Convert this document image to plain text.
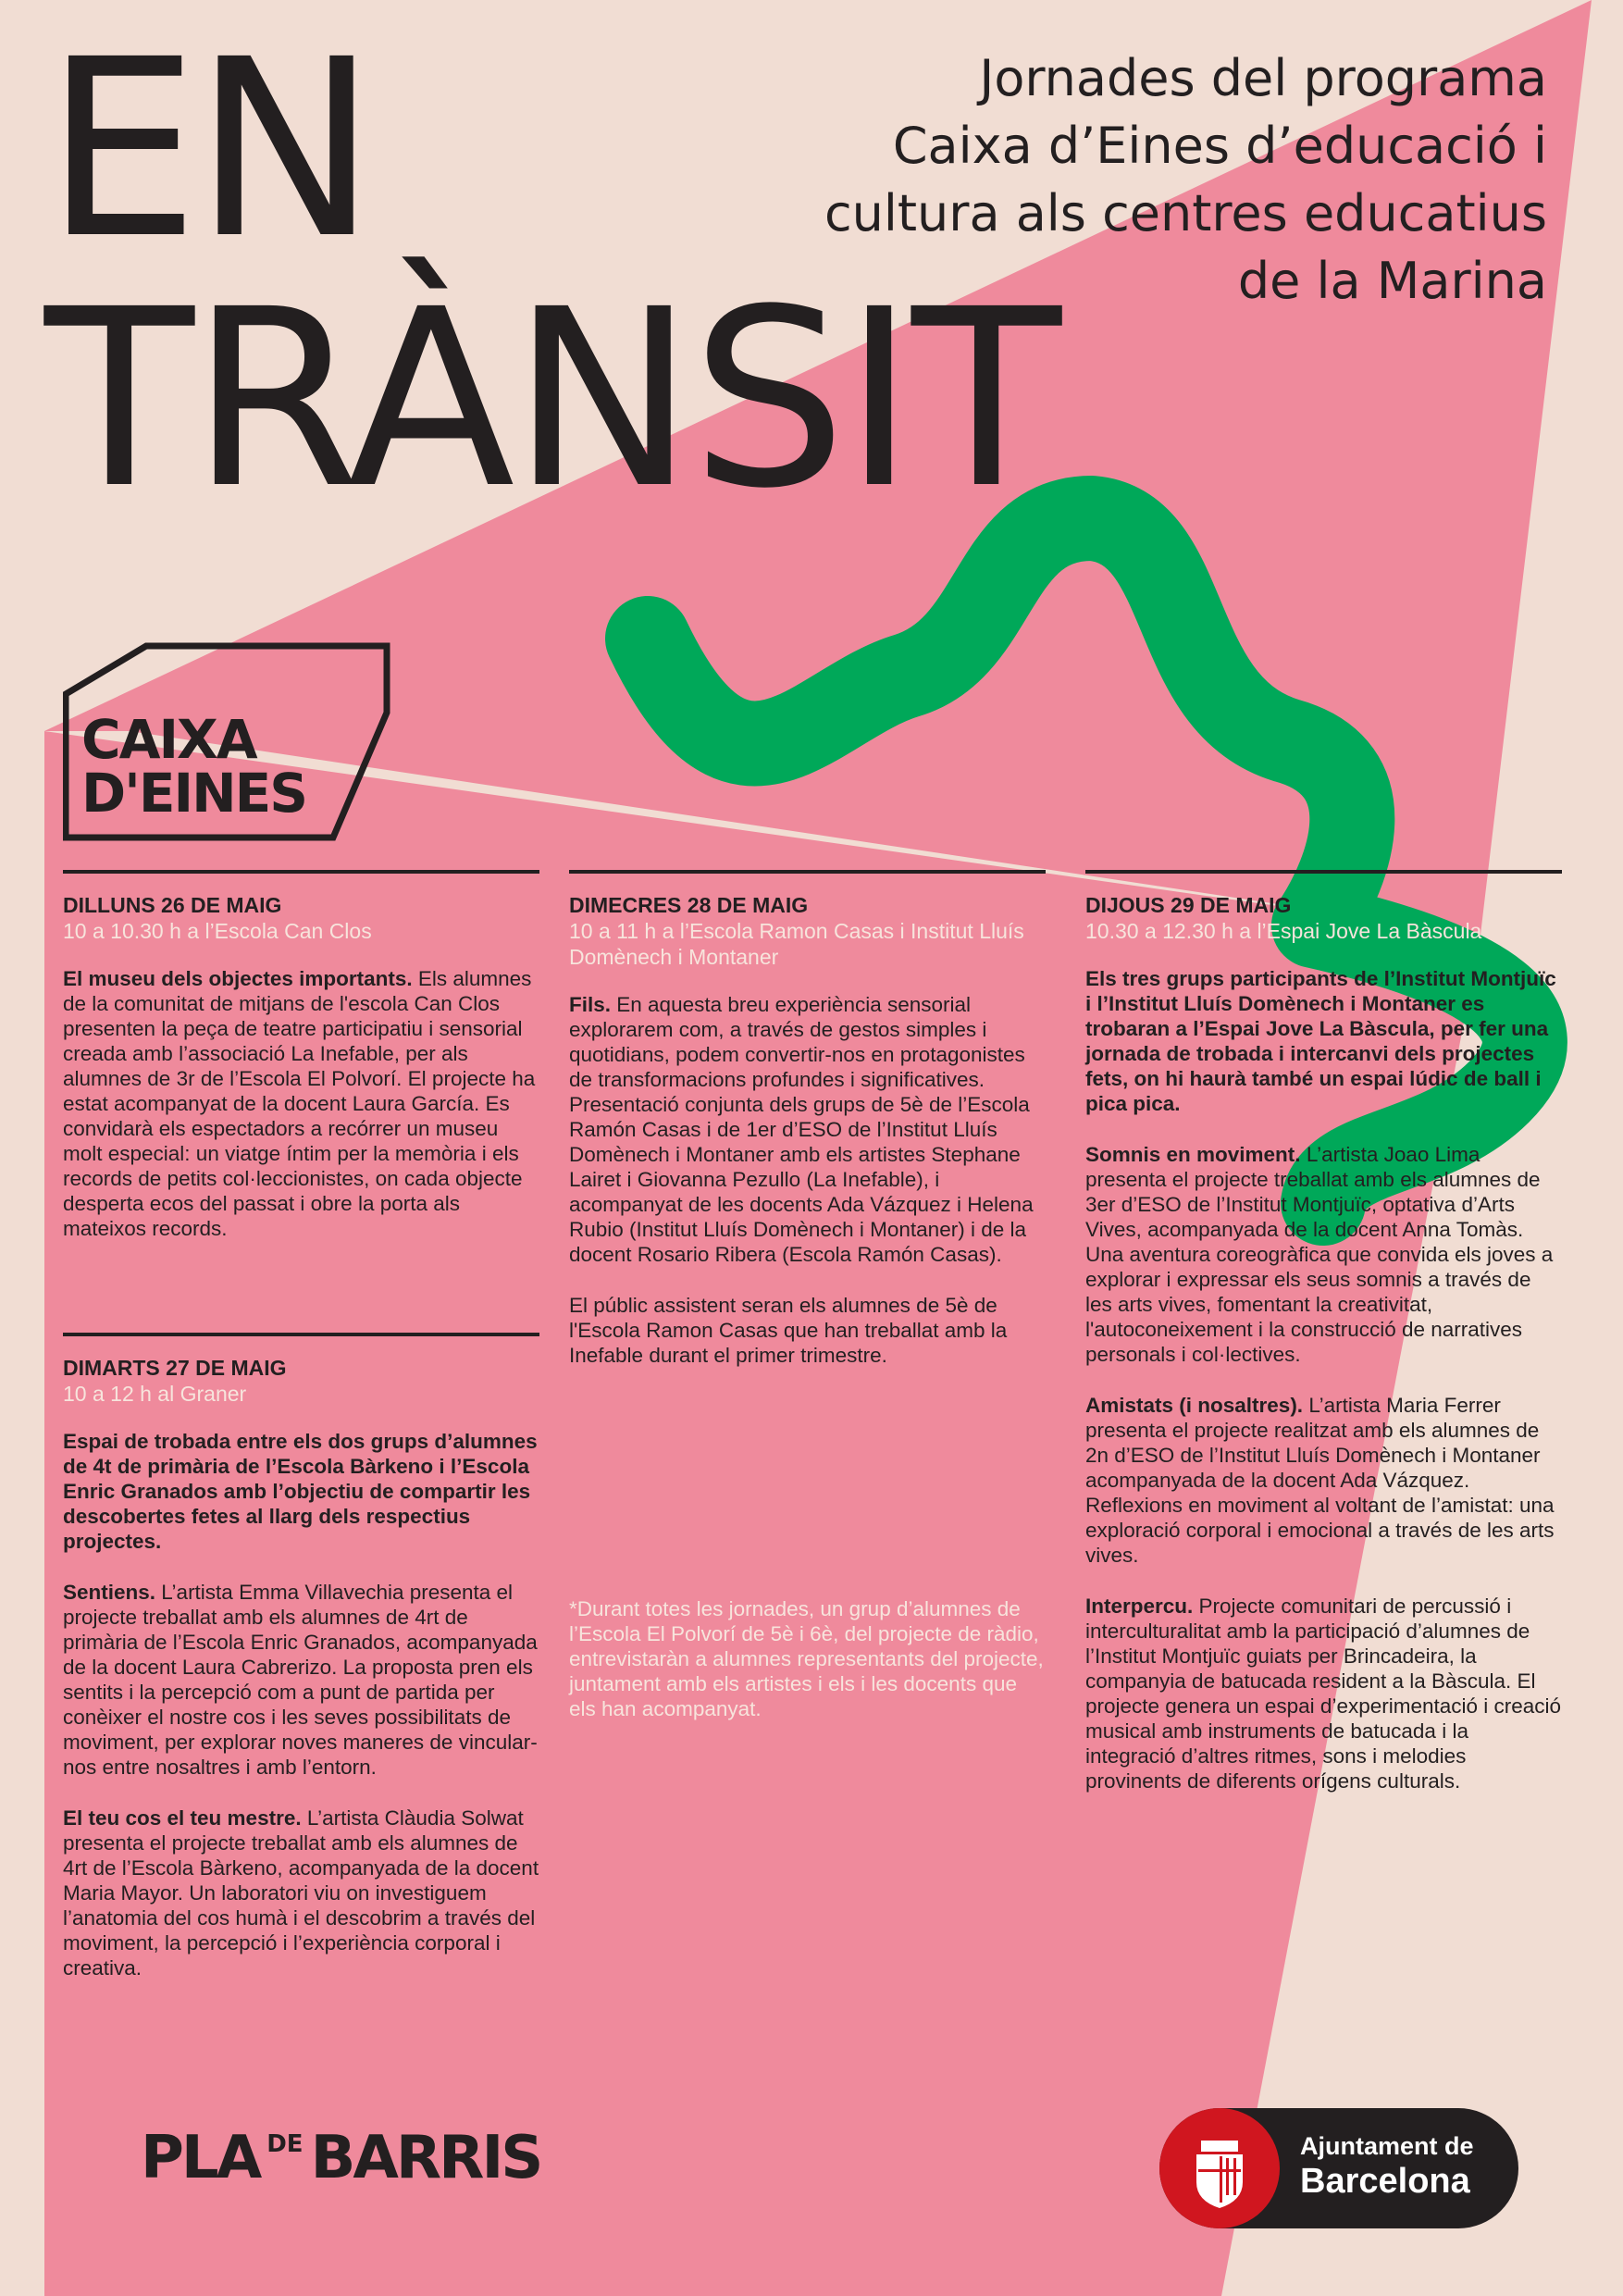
EN
TRÀNSIT
Jornades del programa
Caixa d’Eines d’educació i
cultura als centres educatius
de la Marina
CAIXA
D'EINES

DILLUNS 26 DE MAIG

10 a 10.30 h a l’Escola Can Clos

El museu dels objectes importants. Els alumnes de la comunitat de mitjans de l'escola Can Clos presenten la peça de teatre participatiu i sensorial creada amb l’associació La Inefable, per als alumnes de 3r de l’Escola El Polvorí. El projecte ha estat acompanyat de la docent Laura García. Es convidarà els espectadors a recórrer un museu molt especial: un viatge íntim per la memòria i els records de petits col·leccionistes, on cada objecte desperta ecos del passat i obre la porta als mateixos records.

DIMARTS 27 DE MAIG

10 a 12 h al Graner

Espai de trobada entre els dos grups d’alumnes de 4t de primària de l’Escola Bàrkeno i l’Escola Enric Granados amb l’objectiu de compartir les descobertes fetes al llarg dels respectius projectes.

Sentiens. L’artista Emma Villavechia presenta el projecte treballat amb els alumnes de 4rt de primària de l’Escola Enric Granados, acompanyada de la docent Laura Cabrerizo. La proposta pren els sentits i la percepció com a punt de partida per conèixer el nostre cos i les seves possibilitats de moviment, per explorar noves maneres de vincular-nos entre nosaltres i amb l’entorn.

El teu cos el teu mestre. L’artista Clàudia Solwat presenta el projecte treballat amb els alumnes de 4rt de l’Escola Bàrkeno, acompanyada de la docent Maria Mayor. Un laboratori viu on investiguem l’anatomia del cos humà i el descobrim a través del moviment, la percepció i l’experiència corporal i creativa.

DIMECRES 28 DE MAIG

10 a 11 h a l’Escola Ramon Casas i Institut Lluís Domènech i Montaner

Fils. En aquesta breu experiència sensorial explorarem com, a través de gestos simples i quotidians, podem convertir-nos en protagonistes de transformacions profundes i significatives. Presentació conjunta dels grups de 5è de l’Escola Ramón Casas i de 1er d’ESO de l’Institut Lluís Domènech i Montaner amb els artistes Stephane Lairet i Giovanna Pezullo (La Inefable), i acompanyat de les docents Ada Vázquez i Helena Rubio (Institut Lluís Domènech i Montaner) i de la docent Rosario Ribera (Escola Ramón Casas).

El públic assistent seran els alumnes de 5è de l'Escola Ramon Casas que han treballat amb la Inefable durant el primer trimestre.

*Durant totes les jornades, un grup d’alumnes de l’Escola El Polvorí de 5è i 6è, del projecte de ràdio, entrevistaràn a alumnes representants del projecte, juntament amb els artistes i els i les docents que els han acompanyat.

DIJOUS 29 DE MAIG

10.30 a 12.30 h a l’Espai Jove La Bàscula

Els tres grups participants de l’Institut Montjuïc i l’Institut Lluís Domènech i Montaner es trobaran a l’Espai Jove La Bàscula, per fer una jornada de trobada i intercanvi dels projectes fets, on hi haurà també un espai lúdic de ball i pica pica.

Somnis en moviment. L’artista Joao Lima presenta el projecte treballat amb els alumnes de 3er d’ESO de l’Institut Montjuïc, optativa d’Arts Vives, acompanyada de la docent Anna Tomàs. Una aventura coreogràfica que convida els joves a explorar i expressar els seus somnis a través de les arts vives, fomentant la creativitat, l'autoconeixement i la construcció de narratives personals i col·lectives.

Amistats (i nosaltres). L’artista Maria Ferrer presenta el projecte realitzat amb els alumnes de 2n d’ESO de l’Institut Lluís Domènech i Montaner acompanyada de la docent Ada Vázquez. Reflexions en moviment al voltant de l’amistat: una exploració corporal i emocional a través de les arts vives.

Interpercu. Projecte comunitari de percussió i interculturalitat amb la participació d’alumnes de l’Institut Montjuïc guiats per Brincadeira, la companyia de batucada resident a la Bàscula. El projecte genera un espai d’experimentació i creació musical amb instruments de batucada i la integració d’altres ritmes, sons i melodies provinents de diferents orígens culturals.

PLA $^{DE}$ BARRIS	Ajuntament de
Barcelona
